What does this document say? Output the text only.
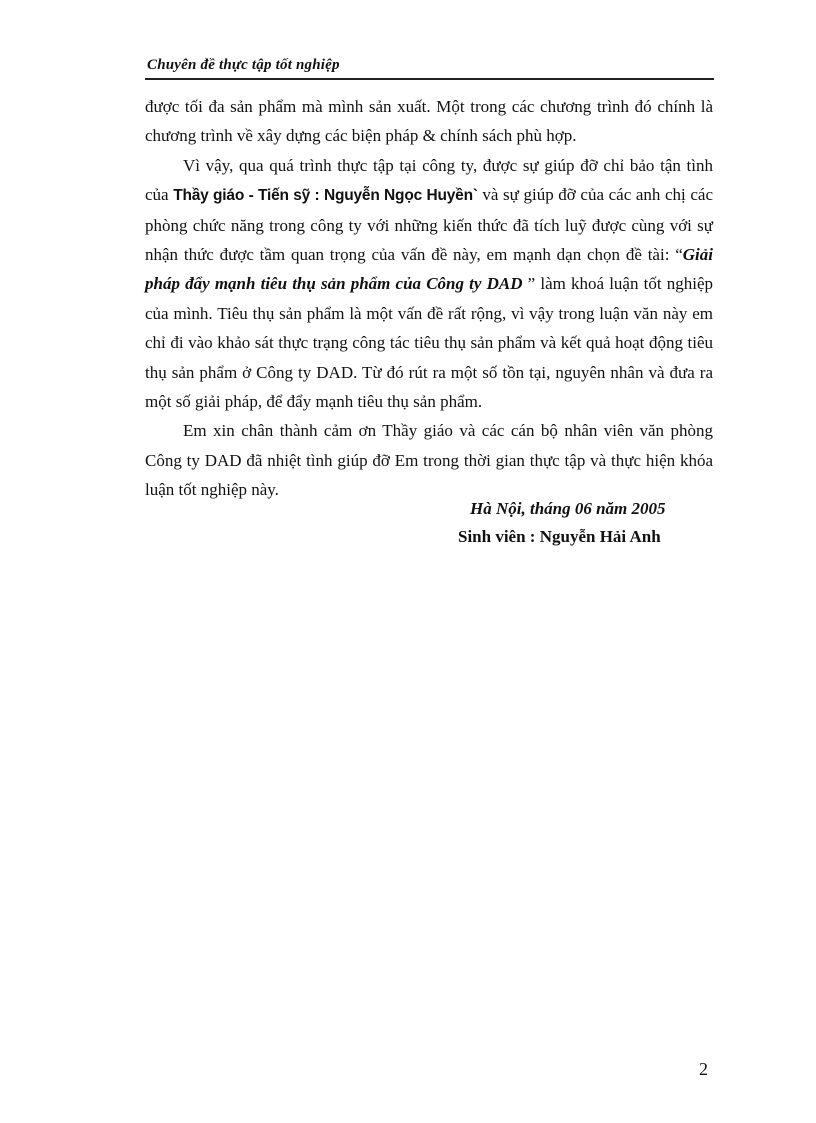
Chuyên đề thực tập tốt nghiệp

được tối đa sản phẩm mà mình sản xuất. Một trong các chương trình đó chính là chương trình về xây dựng các biện pháp & chính sách phù hợp.

Vì vậy, qua quá trình thực tập tại công ty, được sự giúp đỡ chỉ bảo tận tình của Thầy giáo - Tiến sỹ : Nguyễn Ngọc Huyền` và sự giúp đỡ của các anh chị các phòng chức năng trong công ty với những kiến thức đã tích luỹ được cùng với sự nhận thức được tầm quan trọng của vấn đề này, em mạnh dạn chọn đề tài: “Giải pháp đẩy mạnh tiêu thụ sản phẩm của Công ty DAD ” làm khoá luận tốt nghiệp của mình. Tiêu thụ sản phẩm là một vấn đề rất rộng, vì vậy trong luận văn này em chỉ đi vào khảo sát thực trạng công tác tiêu thụ sản phẩm và kết quả hoạt động tiêu thụ sản phẩm ở Công ty DAD. Từ đó rút ra một số tồn tại, nguyên nhân và đưa ra một số giải pháp, để đẩy mạnh tiêu thụ sản phẩm.

Em xin chân thành cảm ơn Thầy giáo và các cán bộ nhân viên văn phòng Công ty DAD đã nhiệt tình giúp đỡ Em trong thời gian thực tập và thực hiện khóa luận tốt nghiệp này.

Hà Nội, tháng 06 năm 2005
Sinh viên : Nguyễn Hải Anh
2
